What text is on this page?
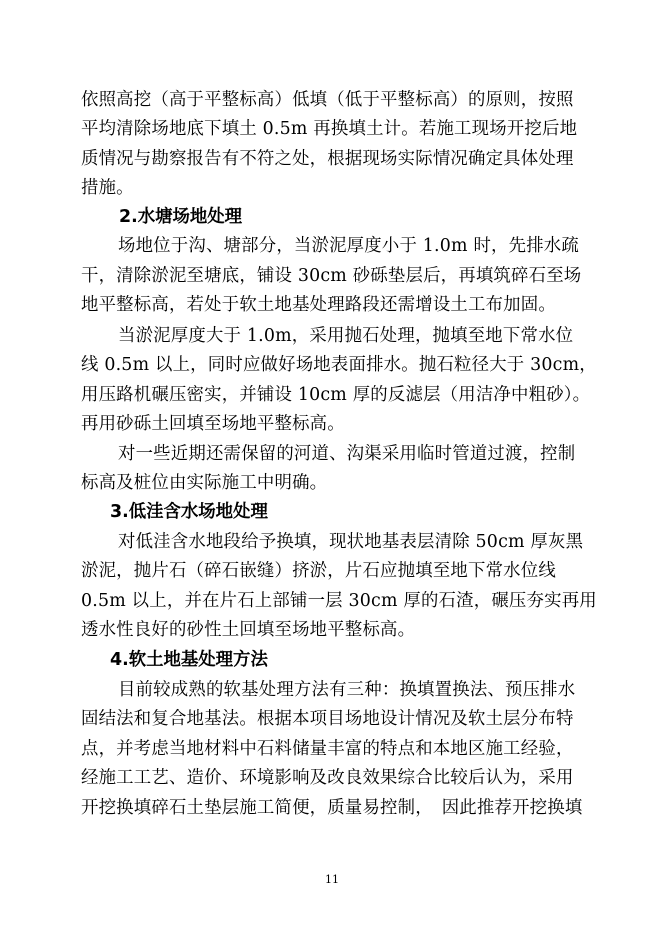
依照高挖（高于平整标高）低填（低于平整标高）的原则，按照
平均清除场地底下填土 0.5m 再换填土计。若施工现场开挖后地
质情况与勘察报告有不符之处，根据现场实际情况确定具体处理
措施。
2.水塘场地处理
场地位于沟、塘部分，当淤泥厚度小于 1.0m 时，先排水疏
干，清除淤泥至塘底，铺设 30cm 砂砾垫层后，再填筑碎石至场
地平整标高，若处于软土地基处理路段还需增设土工布加固。
当淤泥厚度大于 1.0m，采用抛石处理，抛填至地下常水位
线 0.5m 以上，同时应做好场地表面排水。抛石粒径大于 30cm，
用压路机碾压密实，并铺设 10cm 厚的反滤层（用洁净中粗砂）。
再用砂砾土回填至场地平整标高。
对一些近期还需保留的河道、沟渠采用临时管道过渡，控制
标高及桩位由实际施工中明确。
3.低洼含水场地处理
对低洼含水地段给予换填，现状地基表层清除 50cm 厚灰黑
淤泥，抛片石（碎石嵌缝）挤淤，片石应抛填至地下常水位线
0.5m 以上，并在片石上部铺一层 30cm 厚的石渣，碾压夯实再用
透水性良好的砂性土回填至场地平整标高。
4.软土地基处理方法
目前较成熟的软基处理方法有三种：换填置换法、预压排水
固结法和复合地基法。根据本项目场地设计情况及软土层分布特
点，并考虑当地材料中石料储量丰富的特点和本地区施工经验，
经施工工艺、造价、环境影响及改良效果综合比较后认为，采用
开挖换填碎石土垫层施工简便，质量易控制，　因此推荐开挖换填
11
